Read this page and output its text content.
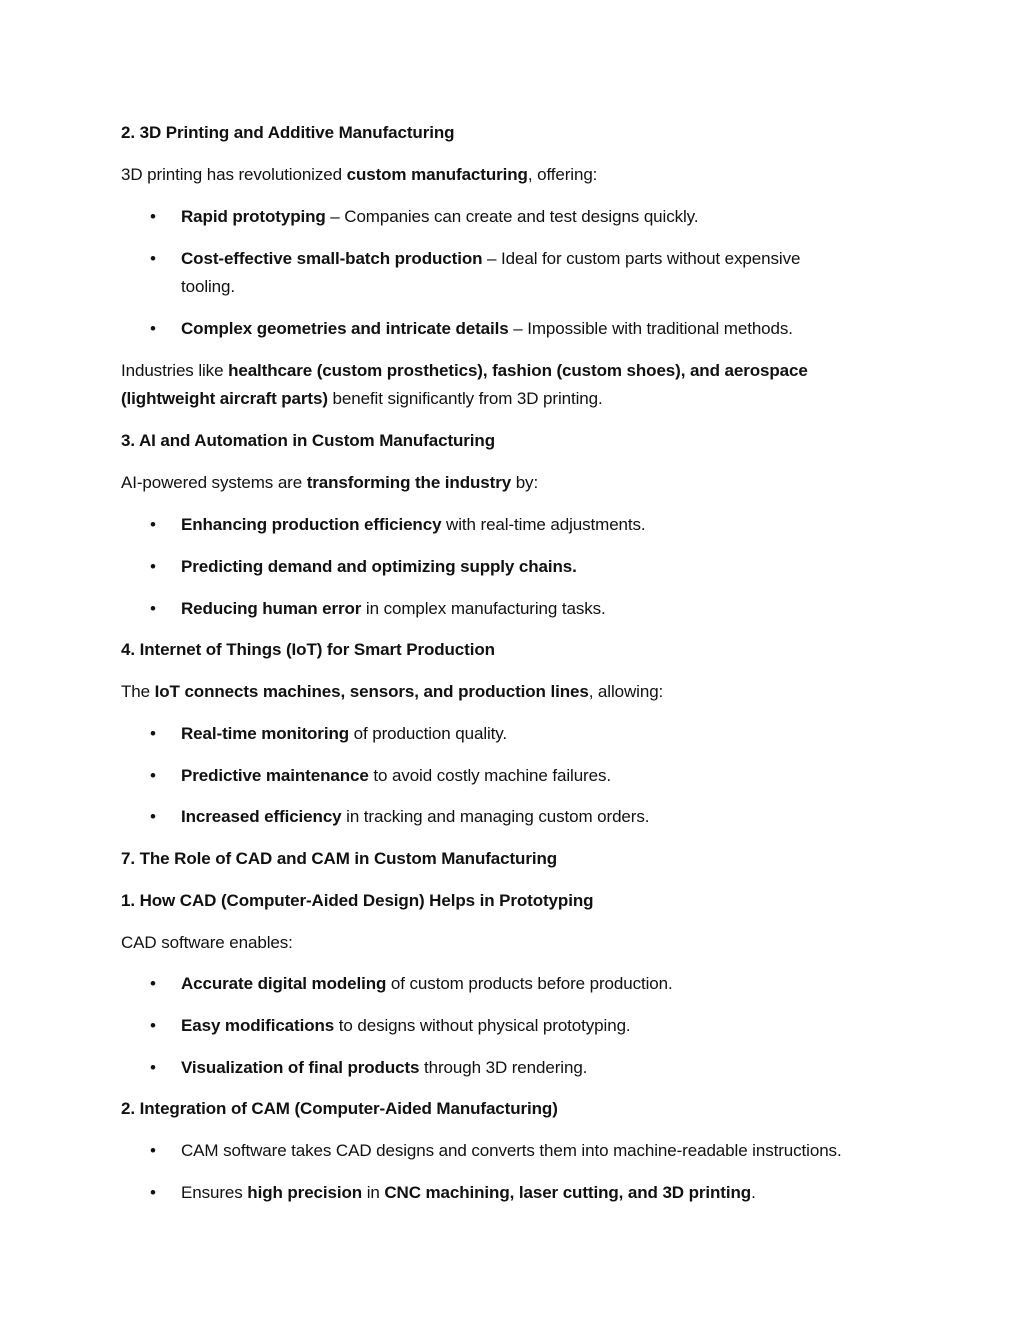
2. 3D Printing and Additive Manufacturing
3D printing has revolutionized custom manufacturing, offering:
• Rapid prototyping – Companies can create and test designs quickly.
• Cost-effective small-batch production – Ideal for custom parts without expensive
tooling.
• Complex geometries and intricate details – Impossible with traditional methods.
Industries like healthcare (custom prosthetics), fashion (custom shoes), and aerospace
(lightweight aircraft parts) benefit significantly from 3D printing.
3. AI and Automation in Custom Manufacturing
AI-powered systems are transforming the industry by:
• Enhancing production efficiency with real-time adjustments.
• Predicting demand and optimizing supply chains.
• Reducing human error in complex manufacturing tasks.
4. Internet of Things (IoT) for Smart Production
The IoT connects machines, sensors, and production lines, allowing:
• Real-time monitoring of production quality.
• Predictive maintenance to avoid costly machine failures.
• Increased efficiency in tracking and managing custom orders.
7. The Role of CAD and CAM in Custom Manufacturing
1. How CAD (Computer-Aided Design) Helps in Prototyping
CAD software enables:
• Accurate digital modeling of custom products before production.
• Easy modifications to designs without physical prototyping.
• Visualization of final products through 3D rendering.
2. Integration of CAM (Computer-Aided Manufacturing)
• CAM software takes CAD designs and converts them into machine-readable instructions.
• Ensures high precision in CNC machining, laser cutting, and 3D printing.
